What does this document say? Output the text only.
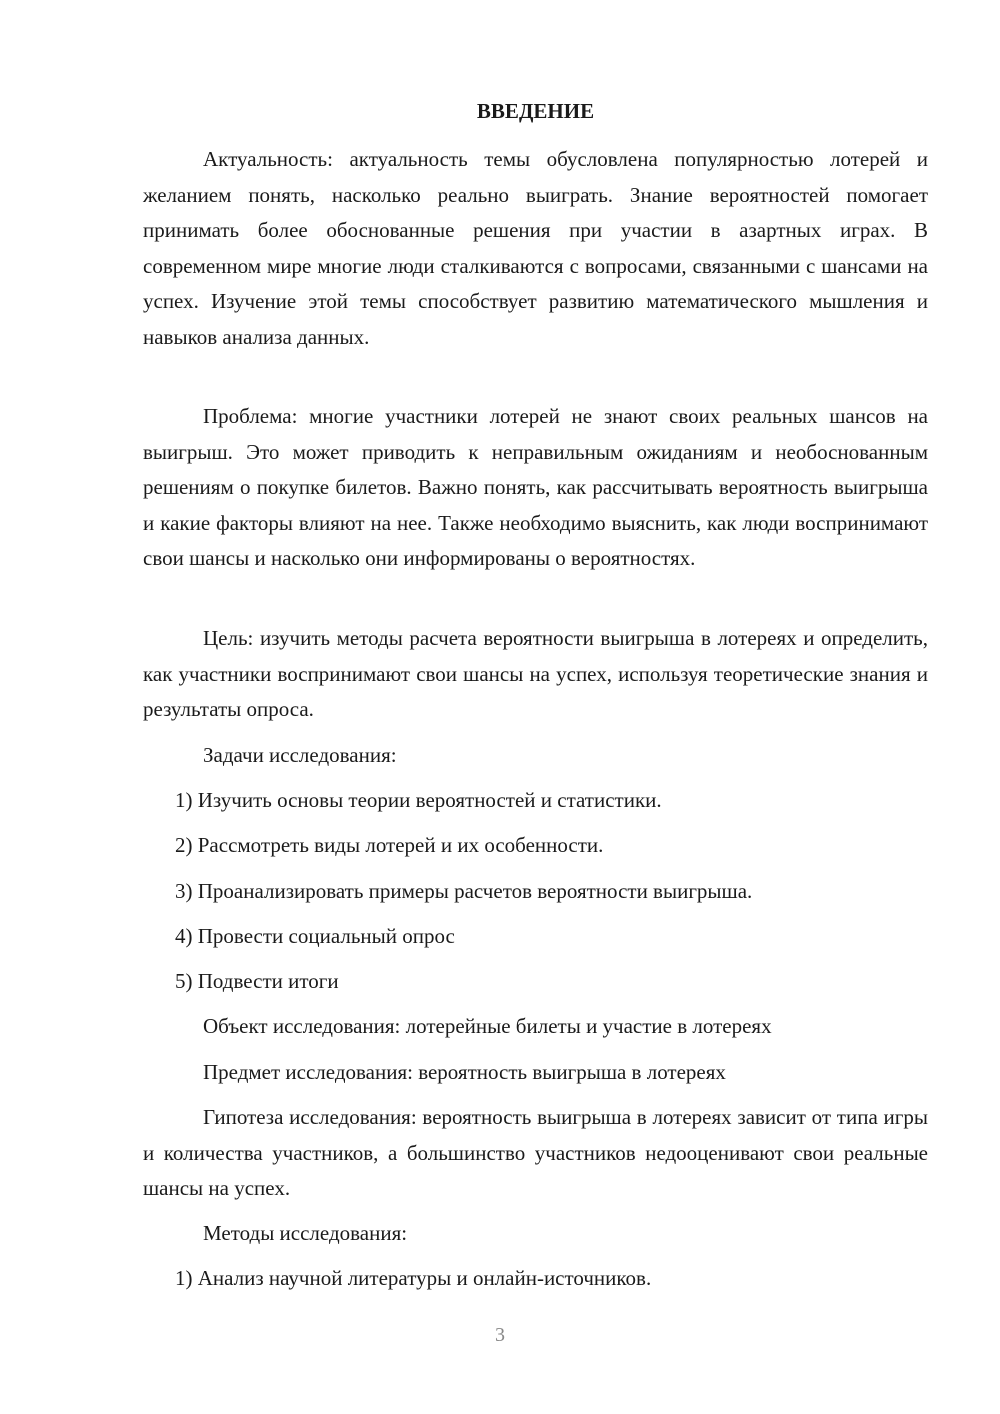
ВВЕДЕНИЕ

Актуальность: актуальность темы обусловлена популярностью лотерей и желанием понять, насколько реально выиграть. Знание вероятностей помогает принимать более обоснованные решения при участии в азартных играх. В современном мире многие люди сталкиваются с вопросами, связанными с шансами на успех. Изучение этой темы способствует развитию математического мышления и навыков анализа данных.

Проблема: многие участники лотерей не знают своих реальных шансов на выигрыш. Это может приводить к неправильным ожиданиям и необоснованным решениям о покупке билетов. Важно понять, как рассчитывать вероятность выигрыша и какие факторы влияют на нее. Также необходимо выяснить, как люди воспринимают свои шансы и насколько они информированы о вероятностях.

Цель: изучить методы расчета вероятности выигрыша в лотереях и определить, как участники воспринимают свои шансы на успех, используя теоретические знания и результаты опроса.

Задачи исследования:

1) Изучить основы теории вероятностей и статистики.

2) Рассмотреть виды лотерей и их особенности.

3) Проанализировать примеры расчетов вероятности выигрыша.

4) Провести социальный опрос

5) Подвести итоги

Объект исследования: лотерейные билеты и участие в лотереях

Предмет исследования: вероятность выигрыша в лотереях

Гипотеза исследования: вероятность выигрыша в лотереях зависит от типа игры и количества участников, а большинство участников недооценивают свои реальные шансы на успех.

Методы исследования:

1) Анализ научной литературы и онлайн-источников.

3
